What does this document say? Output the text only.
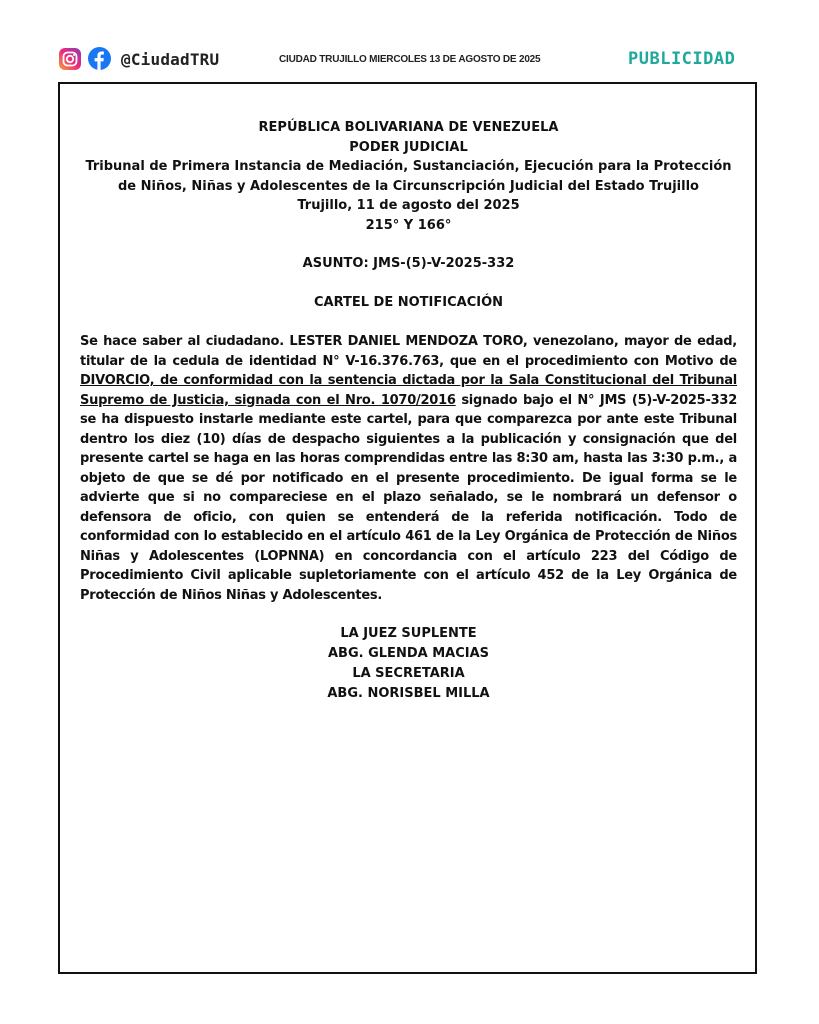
@CiudadTRU	CIUDAD TRUJILLO MIERCOLES 13 DE AGOSTO DE 2025	PUBLICIDAD
REPÚBLICA BOLIVARIANA DE VENEZUELA
PODER JUDICIAL
Tribunal de Primera Instancia de Mediación, Sustanciación, Ejecución para la Protección
de Niños, Niñas y Adolescentes de la Circunscripción Judicial del Estado Trujillo
Trujillo, 11 de agosto del 2025
215° Y 166°
ASUNTO: JMS-(5)-V-2025-332
CARTEL DE NOTIFICACIÓN

Se hace saber al ciudadano. LESTER DANIEL MENDOZA TORO, venezolano, mayor de edad, titular de la cedula de identidad N° V-16.376.763, que en el procedimiento con Motivo de DIVORCIO, de conformidad con la sentencia dictada por la Sala Constitucional del Tribunal Supremo de Justicia, signada con el Nro. 1070/2016 signado bajo el N° JMS (5)-V-2025-332 se ha dispuesto instarle mediante este cartel, para que comparezca por ante este Tribunal dentro los diez (10) días de despacho siguientes a la publicación y consignación que del presente cartel se haga en las horas comprendidas entre las 8:30 am, hasta las 3:30 p.m., a objeto de que se dé por notificado en el presente procedimiento. De igual forma se le advierte que si no compareciese en el plazo señalado, se le nombrará un defensor o defensora de oficio, con quien se entenderá de la referida notificación. Todo de conformidad con lo establecido en el artículo 461 de la Ley Orgánica de Protección de Niños Niñas y Adolescentes (LOPNNA) en concordancia con el artículo 223 del Código de Procedimiento Civil aplicable supletoriamente con el artículo 452 de la Ley Orgánica de Protección de Niños Niñas y Adolescentes.

LA JUEZ SUPLENTE
ABG. GLENDA MACIAS
LA SECRETARIA
ABG. NORISBEL MILLA
